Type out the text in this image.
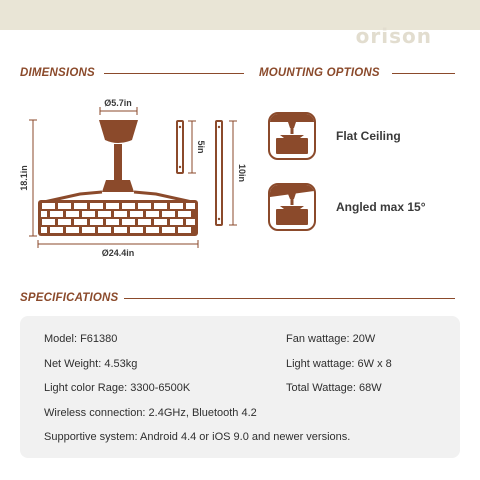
orison
DIMENSIONS
Ø5.7in
18.1in
Ø24.4in
5in
10in
MOUNTING OPTIONS
Flat Ceiling
Angled max 15°
SPECIFICATIONS
Model: F61380	Fan wattage: 20W
Net Weight: 4.53kg	Light wattage: 6W x 8
Light color Rage: 3300-6500K	Total Wattage: 68W
Wireless connection: 2.4GHz, Bluetooth 4.2
Supportive system: Android 4.4 or iOS 9.0 and newer versions.
